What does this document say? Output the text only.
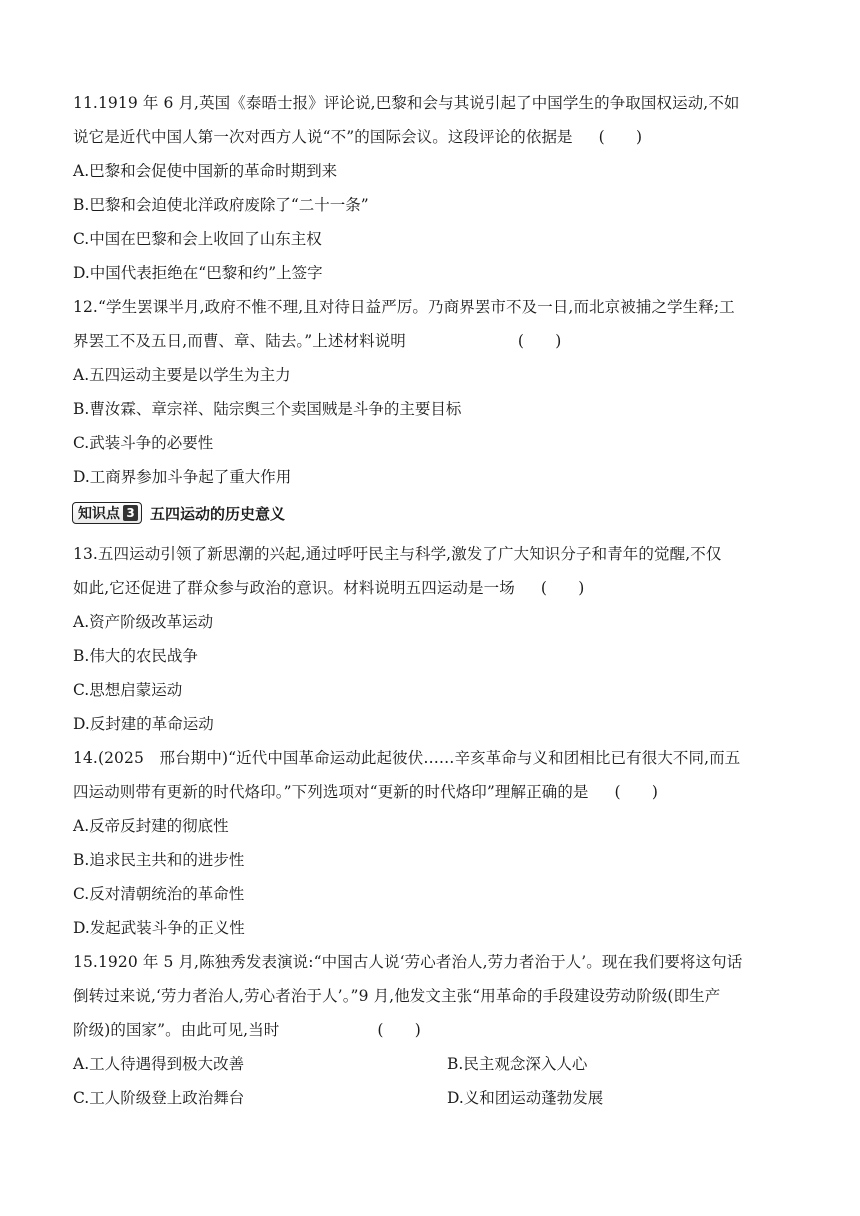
11.1919 年 6 月,英国《泰晤士报》评论说,巴黎和会与其说引起了中国学生的争取国权运动,不如
说它是近代中国人第一次对西方人说“不”的国际会议。这段评论的依据是 (　　)
A.巴黎和会促使中国新的革命时期到来
B.巴黎和会迫使北洋政府废除了“二十一条”
C.中国在巴黎和会上收回了山东主权
D.中国代表拒绝在“巴黎和约”上签字
12.“学生罢课半月,政府不惟不理,且对待日益严厉。乃商界罢市不及一日,而北京被捕之学生释;工
界罢工不及五日,而曹、章、陆去。”上述材料说明	(　　)
A.五四运动主要是以学生为主力
B.曹汝霖、章宗祥、陆宗舆三个卖国贼是斗争的主要目标
C.武装斗争的必要性
D.工商界参加斗争起了重大作用
知识点 3 五四运动的历史意义
13.五四运动引领了新思潮的兴起,通过呼吁民主与科学,激发了广大知识分子和青年的觉醒,不仅
如此,它还促进了群众参与政治的意识。材料说明五四运动是一场 (　　)
A.资产阶级改革运动
B.伟大的农民战争
C.思想启蒙运动
D.反封建的革命运动
14.(2025　邢台期中)“近代中国革命运动此起彼伏……辛亥革命与义和团相比已有很大不同,而五
四运动则带有更新的时代烙印。”下列选项对“更新的时代烙印”理解正确的是 (　　)
A.反帝反封建的彻底性
B.追求民主共和的进步性
C.反对清朝统治的革命性
D.发起武装斗争的正义性
15.1920 年 5 月,陈独秀发表演说:“中国古人说‘劳心者治人,劳力者治于人’。现在我们要将这句话
倒转过来说,‘劳力者治人,劳心者治于人’。”9 月,他发文主张“用革命的手段建设劳动阶级(即生产
阶级)的国家”。由此可见,当时	(　　)
A.工人待遇得到极大改善	B.民主观念深入人心
C.工人阶级登上政治舞台	D.义和团运动蓬勃发展
